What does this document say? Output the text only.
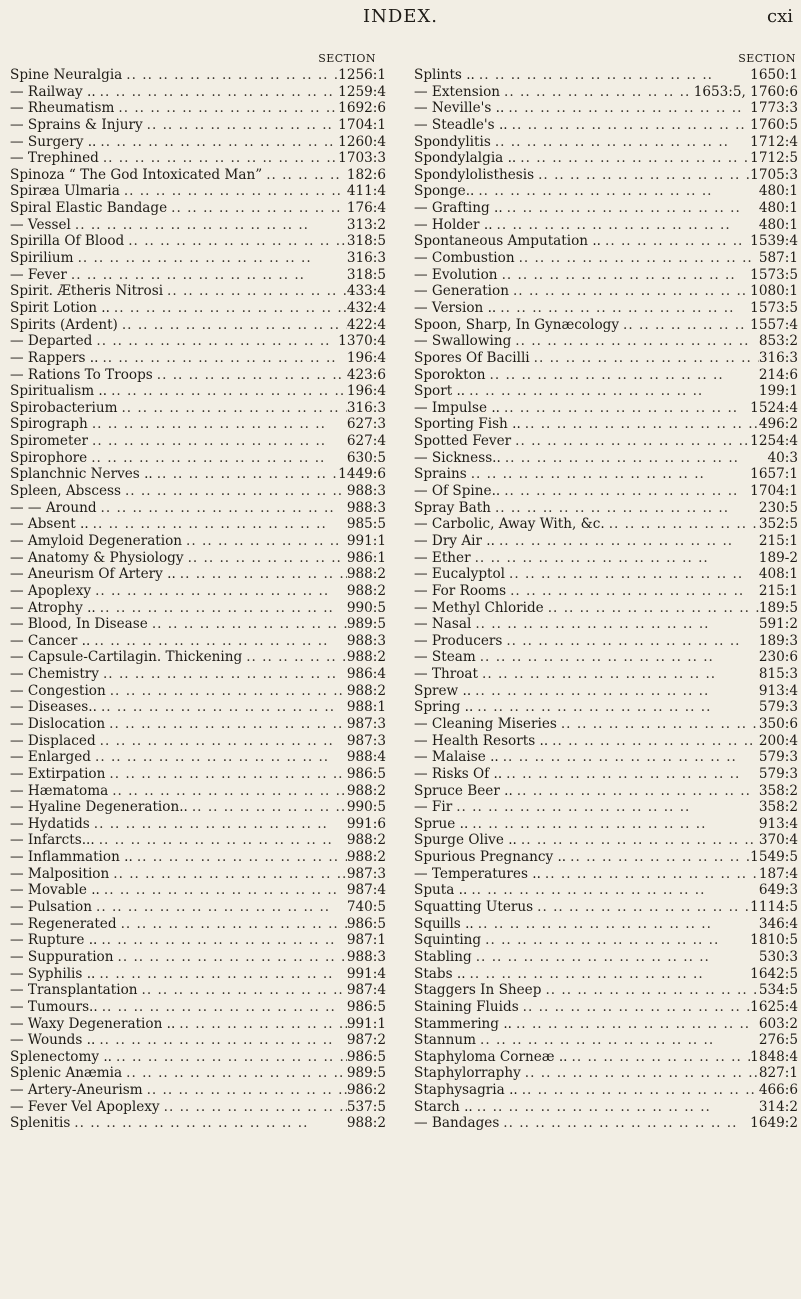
INDEX.	cxi
SECTION
Spine Neuralgia .. .	1256:1
— Railway .. .. .	1259:4
— Rheumatism .. .	1692:6
— Sprains & Injury .. .	1704:1
— Surgery .. .. .	1260:4
— Trephined .. .	1703:3
Spinoza “ The God Intoxicated Man” .. .	182:6
Spiræa Ulmaria .. .	411:4
Spiral Elastic Bandage .. .	176:4
— Vessel .. .	313:2
Spirilla Of Blood .. .	318:5
Spirilium .. .	316:3
— Fever .. .	318:5
Spirit. Ætheris Nitrosi .. .	433:4
Spirit Lotion .. .. .	432:4
Spirits (Ardent) .. .	422:4
— Departed .. .	1370:4
— Rappers .. .. .	196:4
— Rations To Troops .. .	423:6
Spiritualism .. .. .	196:4
Spirobacterium .. .	316:3
Spirograph .. .	627:3
Spirometer .. .	627:4
Spirophore .. .	630:5
Splanchnic Nerves .. .. .	1449:6
Spleen, Abscess .. .	988:3
— — Around .. .	988:3
— Absent .. .. .	985:5
— Amyloid Degeneration .. .	991:1
— Anatomy & Physiology .. .	986:1
— Aneurism Of Artery .. .. .	988:2
— Apoplexy .. .	988:2
— Atrophy .. .. .	990:5
— Blood, In Disease .. .	989:5
— Cancer .. .. .	988:3
— Capsule-Cartilagin. Thickening .. .	988:2
— Chemistry .. .	986:4
— Congestion .. .	988:2
— Diseases.. .. .	988:1
— Dislocation .. .	987:3
— Displaced .. .	987:3
— Enlarged .. .	988:4
— Extirpation .. .	986:5
— Hæmatoma .. .	988:2
— Hyaline Degeneration.. .. .	990:5
— Hydatids .. .	991:6
— Infarcts... .. .	988:2
— Inflammation .. .. .	988:2
— Malposition .. .	987:3
— Movable .. .. .	987:4
— Pulsation .. .	740:5
— Regenerated .. .	986:5
— Rupture .. .. .	987:1
— Suppuration .. .	988:3
— Syphilis .. .. .	991:4
— Transplantation .. .	987:4
— Tumours.. .. .	986:5
— Waxy Degeneration .. .. .	991:1
— Wounds .. .. .	987:2
Splenectomy .. .. .	986:5
Splenic Anæmia .. .	989:5
— Artery-Aneurism .. .	986:2
— Fever Vel Apoplexy .. .	537:5
Splenitis .. .	988:2
SECTION
Splints .. .. .	1650:1
— Extension .. .	1653:5, 1760:6
— Neville's .. .. .	1773:3
— Steadle's .. .. .	1760:5
Spondylitis .. .	1712:4
Spondylalgia .. .. .	1712:5
Spondylolisthesis .. .	1705:3
Sponge.. .. .	480:1
— Grafting .. .. .	480:1
— Holder .. .. .	480:1
Spontaneous Amputation .. .. .	1539:4
— Combustion .. .	587:1
— Evolution .. .	1573:5
— Generation .. .	1080:1
— Version .. .. .	1573:5
Spoon, Sharp, In Gynæcology .. .	1557:4
— Swallowing .. .	853:2
Spores Of Bacilli .. .	316:3
Sporokton .. .	214:6
Sport .. .. .	199:1
— Impulse .. .. .	1524:4
Sporting Fish .. .. .	496:2
Spotted Fever .. .	1254:4
— Sickness.. .. .	40:3
Sprains .. .	1657:1
— Of Spine.. .. .	1704:1
Spray Bath .. .	230:5
— Carbolic, Away With, &c. .. .	352:5
— Dry Air .. .. .	215:1
— Ether .. .	189-2
— Eucalyptol .. .	408:1
— For Rooms .. .	215:1
— Methyl Chloride .. .	189:5
— Nasal .. .	591:2
— Producers .. .	189:3
— Steam .. .	230:6
— Throat .. .	815:3
Sprew .. .. .	913:4
Spring .. .. .	579:3
— Cleaning Miseries .. .	350:6
— Health Resorts .. .. .	200:4
— Malaise .. .. .	579:3
— Risks Of .. .. .	579:3
Spruce Beer .. .. .	358:2
— Fir .. .	358:2
Sprue .. .. .	913:4
Spurge Olive .. .. .	370:4
Spurious Pregnancy .. .. .	1549:5
— Temperatures .. .. .	187:4
Sputa .. .. .	649:3
Squatting Uterus .. .	1114:5
Squills .. .. .	346:4
Squinting .. .	1810:5
Stabling .. .	530:3
Stabs .. .. .	1642:5
Staggers In Sheep .. .	534:5
Staining Fluids .. .	1625:4
Stammering .. .. .	603:2
Stannum .. .	276:5
Staphyloma Corneæ .. .. .	1848:4
Staphylorraphy .. .	827:1
Staphysagria .. .. .	466:6
Starch .. .. .	314:2
— Bandages .. .	1649:2
